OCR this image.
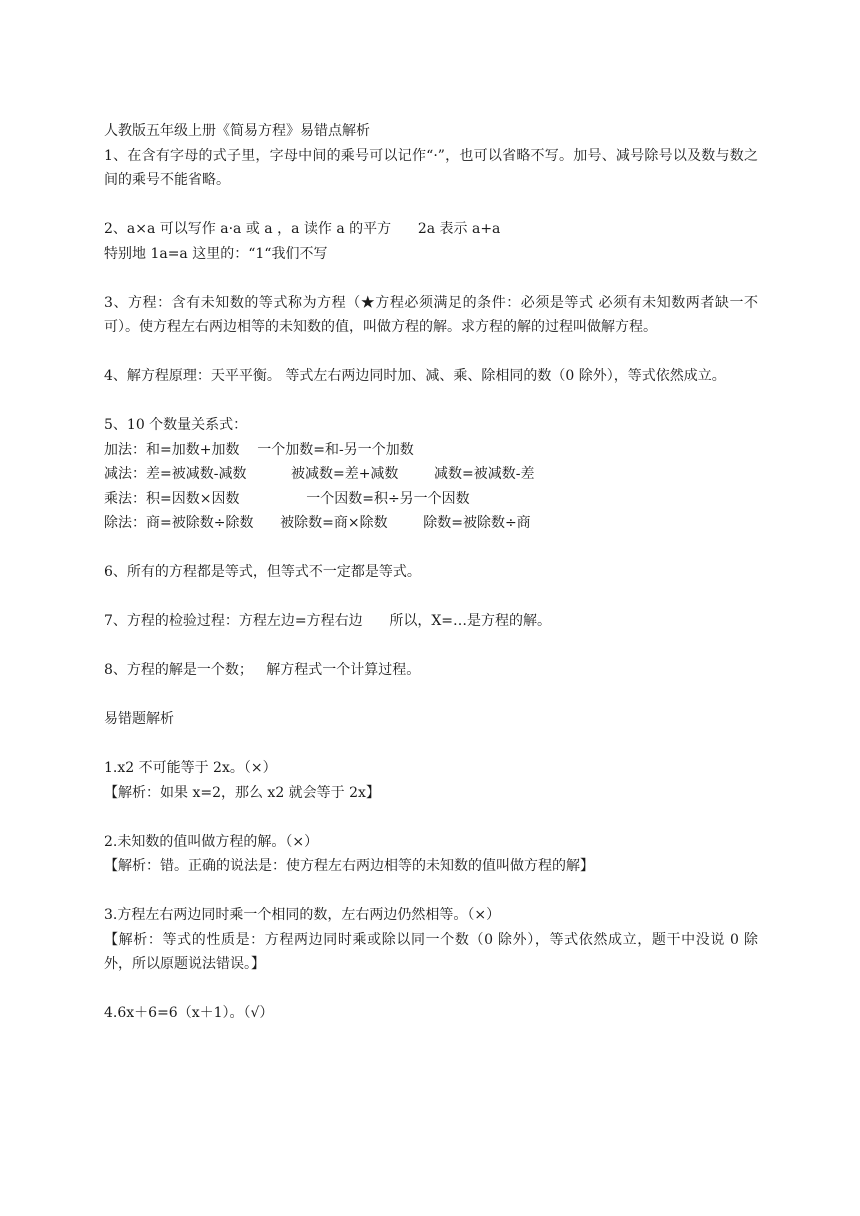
人教版五年级上册《简易方程》易错点解析
1、在含有字母的式子里，字母中间的乘号可以记作“·”，也可以省略不写。加号、减号除号以及数与数之间的乘号不能省略。
2、a×a 可以写作 a·a 或 a ，a 读作 a 的平方      2a 表示 a+a
特别地 1a=a 这里的：“1“我们不写
3、方程：含有未知数的等式称为方程（★方程必须满足的条件：必须是等式 必须有未知数两者缺一不可）。使方程左右两边相等的未知数的值，叫做方程的解。求方程的解的过程叫做解方程。
4、解方程原理：天平平衡。 等式左右两边同时加、减、乘、除相同的数（0 除外），等式依然成立。
5、10 个数量关系式：
加法：和=加数+加数    一个加数=和-另一个加数
减法：差=被减数-减数          被减数=差+减数        减数=被减数-差
乘法：积=因数×因数               一个因数=积÷另一个因数
除法：商=被除数÷除数      被除数=商×除数        除数=被除数÷商
6、所有的方程都是等式，但等式不一定都是等式。
7、方程的检验过程：方程左边=方程右边      所以，X=…是方程的解。
8、方程的解是一个数；   解方程式一个计算过程。
易错题解析
1.x2 不可能等于 2x。（×）
【解析：如果 x=2，那么 x2 就会等于 2x】
2.未知数的值叫做方程的解。（×）
【解析：错。正确的说法是：使方程左右两边相等的未知数的值叫做方程的解】
3.方程左右两边同时乘一个相同的数，左右两边仍然相等。（×）
【解析：等式的性质是：方程两边同时乘或除以同一个数（0 除外），等式依然成立，题干中没说 0 除外，所以原题说法错误。】
4.6x＋6=6（x＋1）。（√）
